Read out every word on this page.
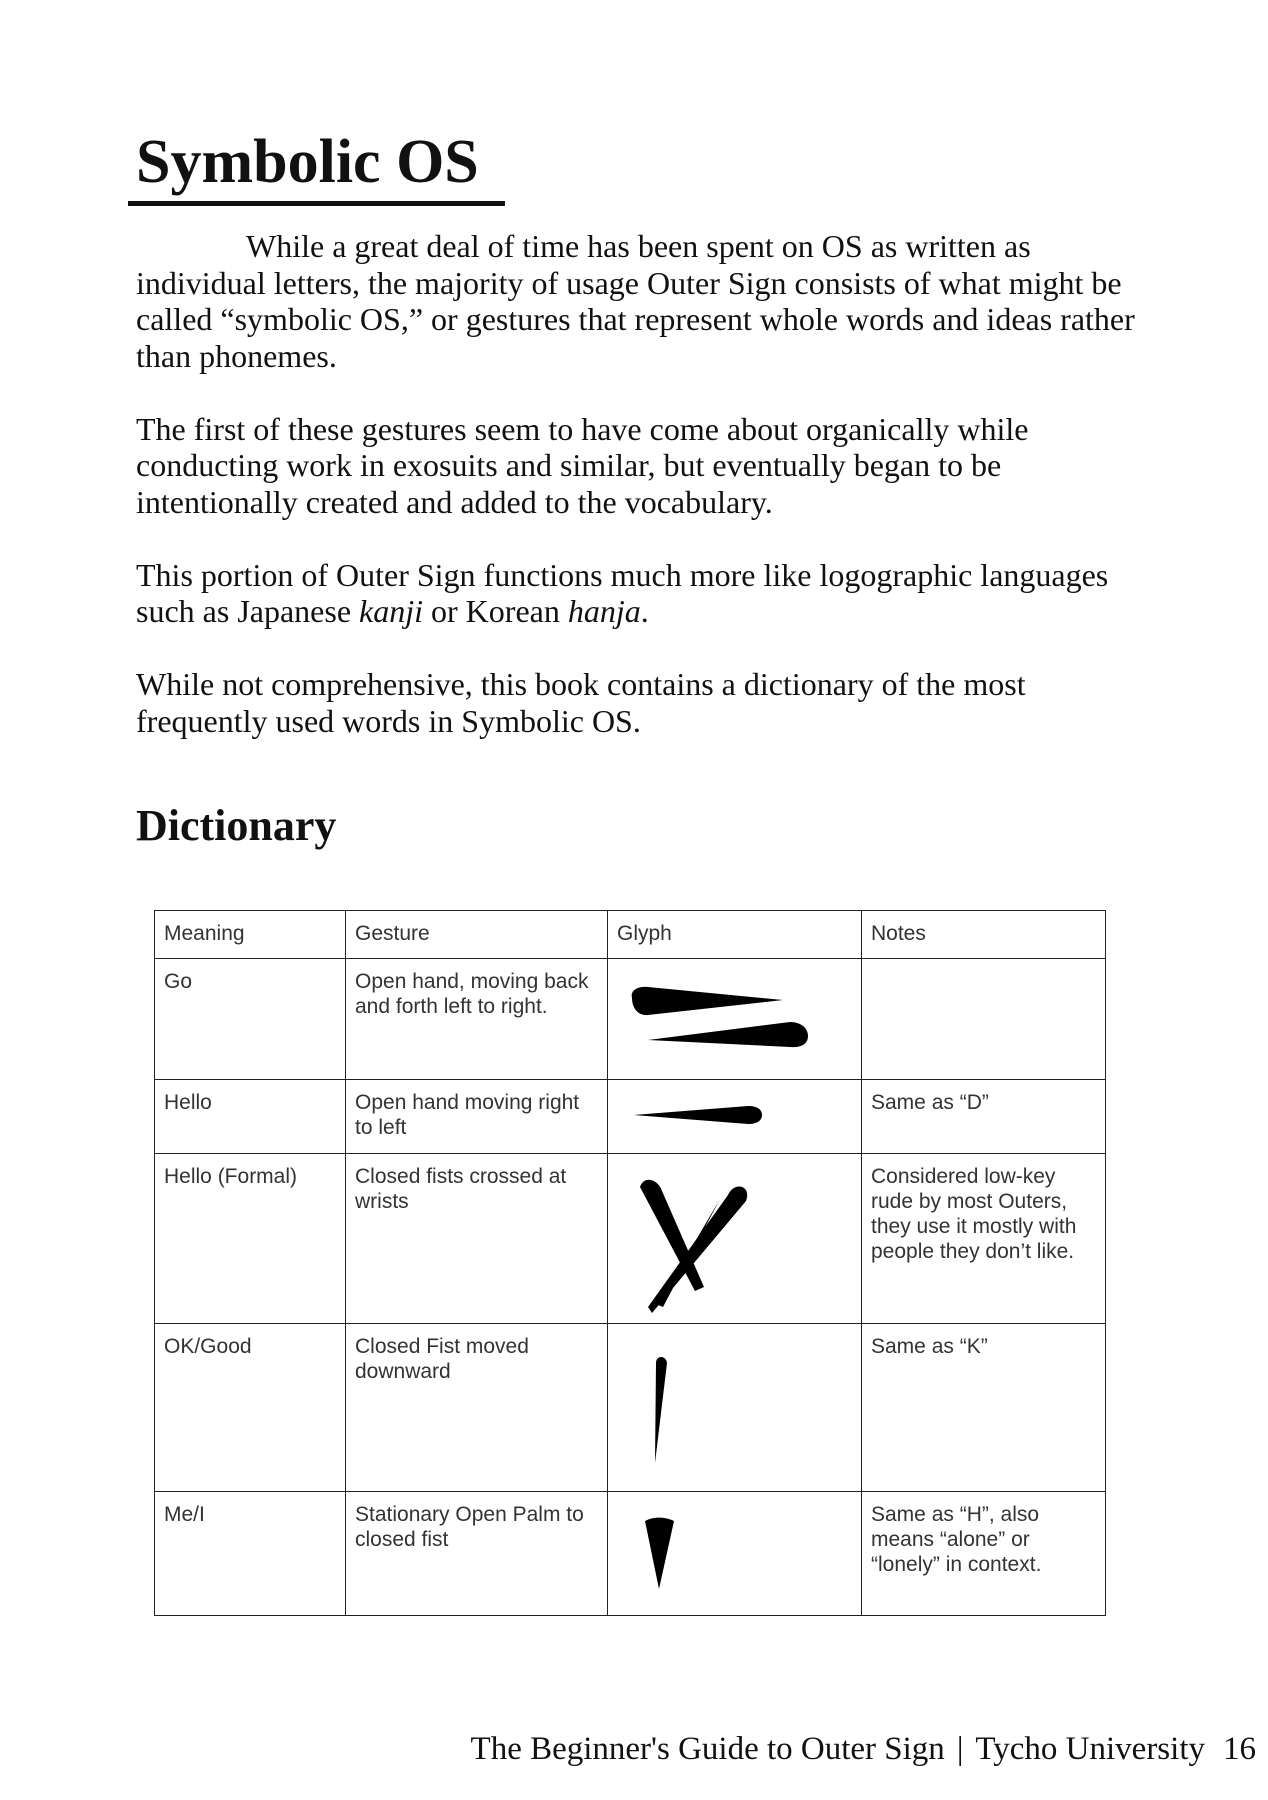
Symbolic OS

While a great deal of time has been spent on OS as written as individual letters, the majority of usage Outer Sign consists of what might be called “symbolic OS,” or gestures that represent whole words and ideas rather than phonemes.

The first of these gestures seem to have come about organically while conducting work in exosuits and similar, but eventually began to be intentionally created and added to the vocabulary.

This portion of Outer Sign functions much more like logographic languages such as Japanese kanji or Korean hanja.

While not comprehensive, this book contains a dictionary of the most frequently used words in Symbolic OS.

Dictionary
Meaning	Gesture	Glyph	Notes
Go	Open hand, moving back and forth left to right.	

Hello	Open hand moving right to left		Same as “D”
Hello (Formal)	Closed fists crossed at wrists		Considered low-key rude by most Outers, they use it mostly with people they don’t like.
OK/Good	Closed Fist moved downward		Same as “K”
Me/I	Stationary Open Palm to closed fist		Same as “H”, also means “alone” or “lonely” in context.
The Beginner's Guide to Outer Sign | Tycho University 16
